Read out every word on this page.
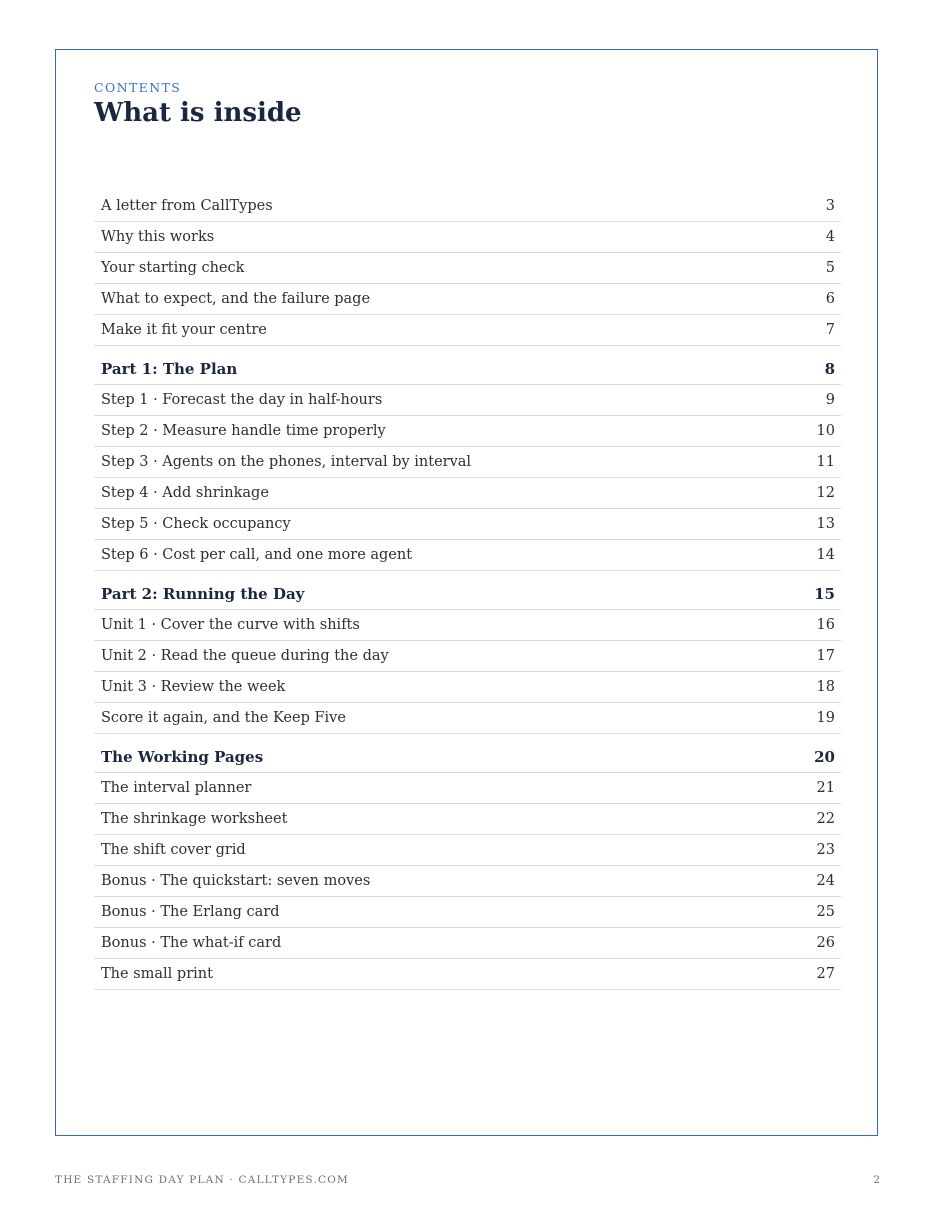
CONTENTS
What is inside
A letter from CallTypes	3
Why this works	4
Your starting check	5
What to expect, and the failure page	6
Make it fit your centre	7
Part 1: The Plan	8
Step 1 · Forecast the day in half-hours	9
Step 2 · Measure handle time properly	10
Step 3 · Agents on the phones, interval by interval	11
Step 4 · Add shrinkage	12
Step 5 · Check occupancy	13
Step 6 · Cost per call, and one more agent	14
Part 2: Running the Day	15
Unit 1 · Cover the curve with shifts	16
Unit 2 · Read the queue during the day	17
Unit 3 · Review the week	18
Score it again, and the Keep Five	19
The Working Pages	20
The interval planner	21
The shrinkage worksheet	22
The shift cover grid	23
Bonus · The quickstart: seven moves	24
Bonus · The Erlang card	25
Bonus · The what-if card	26
The small print	27
THE STAFFING DAY PLAN · CALLTYPES.COM	2
